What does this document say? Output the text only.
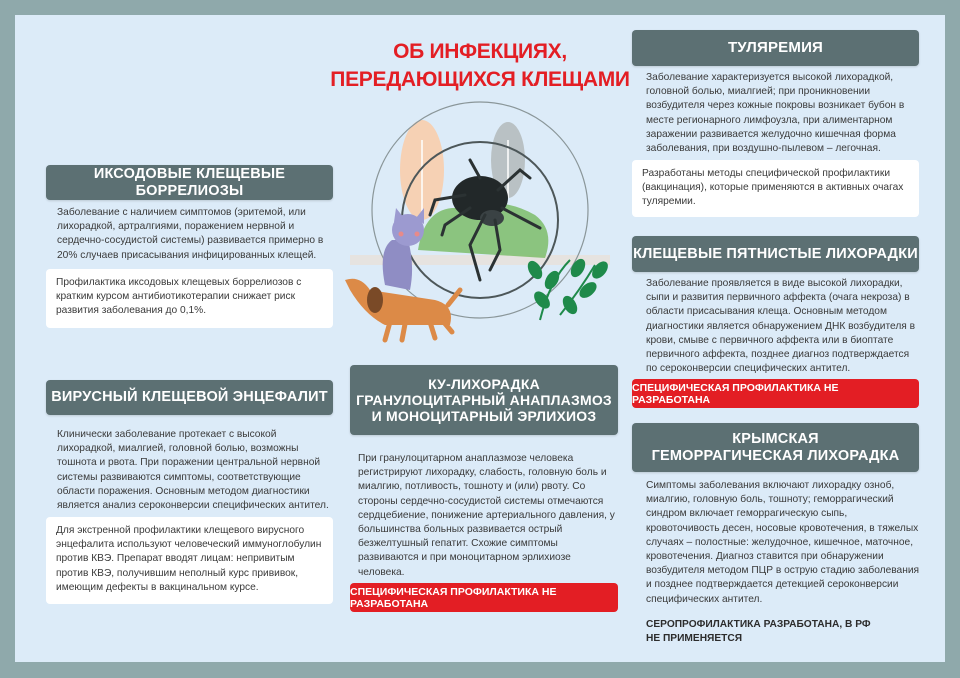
ОБ ИНФЕКЦИЯХ,
ПЕРЕДАЮЩИХСЯ КЛЕЩАМИ
ИКСОДОВЫЕ КЛЕЩЕВЫЕ БОРРЕЛИОЗЫ
Заболевание с наличием симптомов (эритемой, или лихорадкой, артралгиями, поражением нервной и сердечно-сосудистой системы) развивается примерно в 20% случаев присасывания инфицированных клещей.
Профилактика иксодовых клещевых боррелиозов с кратким курсом антибиотикотерапии снижает риск развития заболевания до 0,1%.
ВИРУСНЫЙ КЛЕЩЕВОЙ ЭНЦЕФАЛИТ
Клинически заболевание протекает с высокой лихорадкой, миалгией, головной болью, возможны тошнота и рвота. При поражении центральной нервной системы развиваются симптомы, соответствующие области поражения. Основным методом диагностики является анализ сероконверсии специфических антител.
Для экстренной профилактики клещевого вирусного энцефалита используют человеческий иммуноглобулин против КВЭ. Препарат вводят лицам: непривитым против КВЭ, получившим неполный курс прививок, имеющим дефекты в вакцинальном курсе.
КУ-ЛИХОРАДКА
ГРАНУЛОЦИТАРНЫЙ АНАПЛАЗМОЗ
И МОНОЦИТАРНЫЙ ЭРЛИХИОЗ
При гранулоцитарном анаплазмозе человека регистрируют лихорадку, слабость, головную боль и миалгию, потливость, тошноту и (или) рвоту. Со стороны сердечно-сосудистой системы отмечаются сердцебиение, понижение артериального давления, у большинства больных развивается острый безжелтушный гепатит. Схожие симптомы развиваются и при моноцитарном эрлихиозе человека.
СПЕЦИФИЧЕСКАЯ ПРОФИЛАКТИКА НЕ РАЗРАБОТАНА
ТУЛЯРЕМИЯ
Заболевание характеризуется высокой лихорадкой, головной болью, миалгией; при проникновении возбудителя через кожные покровы возникает бубон в месте регионарного лимфоузла, при алиментарном заражении развивается желудочно кишечная форма заболевания, при воздушно-пылевом – легочная.
Разработаны методы специфической профилактики (вакцинация), которые применяются в активных очагах туляремии.
КЛЕЩЕВЫЕ ПЯТНИСТЫЕ ЛИХОРАДКИ
Заболевание проявляется в виде высокой лихорадки, сыпи и развития первичного аффекта (очага некроза) в области присасывания клеща. Основным методом диагностики является обнаружением ДНК возбудителя в крови, смыве с первичного аффекта или в биоптате первичного аффекта, позднее диагноз подтверждается по сероконверсии специфических антител.
СПЕЦИФИЧЕСКАЯ ПРОФИЛАКТИКА НЕ РАЗРАБОТАНА
КРЫМСКАЯ
ГЕМОРРАГИЧЕСКАЯ ЛИХОРАДКА
Симптомы заболевания включают лихорадку озноб, миалгию, головную боль, тошноту; геморрагический синдром включает геморрагическую сыпь, кровоточивость десен, носовые кровотечения, в тяжелых случаях – полостные: желудочное, кишечное, маточное, кровотечения. Диагноз ставится при обнаружении возбудителя методом ПЦР в острую стадию заболевания и позднее подтверждается детекцией сероконверсии специфических антител.
СЕРОПРОФИЛАКТИКА РАЗРАБОТАНА, В РФ
НЕ ПРИМЕНЯЕТСЯ
